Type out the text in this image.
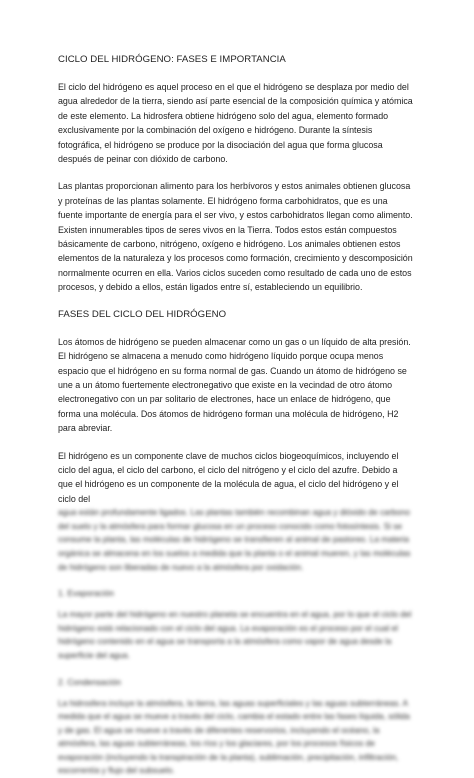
CICLO DEL HIDRÓGENO: FASES E IMPORTANCIA

El ciclo del hidrógeno es aquel proceso en el que el hidrógeno se desplaza por medio del agua alrededor de la tierra, siendo así parte esencial de la composición química y atómica de este elemento. La hidrosfera obtiene hidrógeno solo del agua, elemento formado exclusivamente por la combinación del oxígeno e hidrógeno. Durante la síntesis fotográfica, el hidrógeno se produce por la disociación del agua que forma glucosa después de peinar con dióxido de carbono.

Las plantas proporcionan alimento para los herbívoros y estos animales obtienen glucosa y proteínas de las plantas solamente. El hidrógeno forma carbohidratos, que es una fuente importante de energía para el ser vivo, y estos carbohidratos llegan como alimento. Existen innumerables tipos de seres vivos en la Tierra. Todos estos están compuestos básicamente de carbono, nitrógeno, oxígeno e hidrógeno. Los animales obtienen estos elementos de la naturaleza y los procesos como formación, crecimiento y descomposición normalmente ocurren en ella. Varios ciclos suceden como resultado de cada uno de estos procesos, y debido a ellos, están ligados entre sí, estableciendo un equilibrio.

FASES DEL CICLO DEL HIDRÓGENO

Los átomos de hidrógeno se pueden almacenar como un gas o un líquido de alta presión. El hidrógeno se almacena a menudo como hidrógeno líquido porque ocupa menos espacio que el hidrógeno en su forma normal de gas. Cuando un átomo de hidrógeno se une a un átomo fuertemente electronegativo que existe en la vecindad de otro átomo electronegativo con un par solitario de electrones, hace un enlace de hidrógeno, que forma una molécula. Dos átomos de hidrógeno forman una molécula de hidrógeno, H2 para abreviar.

El hidrógeno es un componente clave de muchos ciclos biogeoquímicos, incluyendo el ciclo del agua, el ciclo del carbono, el ciclo del nitrógeno y el ciclo del azufre. Debido a que el hidrógeno es un componente de la molécula de agua, el ciclo del hidrógeno y el ciclo del

agua están profundamente ligados. Las plantas también recombinan agua y dióxido de carbono del suelo y la atmósfera para formar glucosa en un proceso conocido como fotosíntesis. Si se consume la planta, las moléculas de hidrógeno se transfieren al animal de pastoreo. La materia orgánica se almacena en los suelos a medida que la planta o el animal mueren, y las moléculas de hidrógeno son liberadas de nuevo a la atmósfera por oxidación.

1. Evaporación

La mayor parte del hidrógeno en nuestro planeta se encuentra en el agua, por lo que el ciclo del hidrógeno está relacionado con el ciclo del agua. La evaporación es el proceso por el cual el hidrógeno contenido en el agua se transporta a la atmósfera como vapor de agua desde la superficie del agua.

2. Condensación

La hidrosfera incluye la atmósfera, la tierra, las aguas superficiales y las aguas subterráneas. A medida que el agua se mueve a través del ciclo, cambia el estado entre las fases líquida, sólida y de gas. El agua se mueve a través de diferentes reservorios, incluyendo el océano, la atmósfera, las aguas subterráneas, los ríos y los glaciares, por los procesos físicos de evaporación (incluyendo la transpiración de la planta), sublimación, precipitación, infiltración, escorrentía y flujo del subsuelo.
